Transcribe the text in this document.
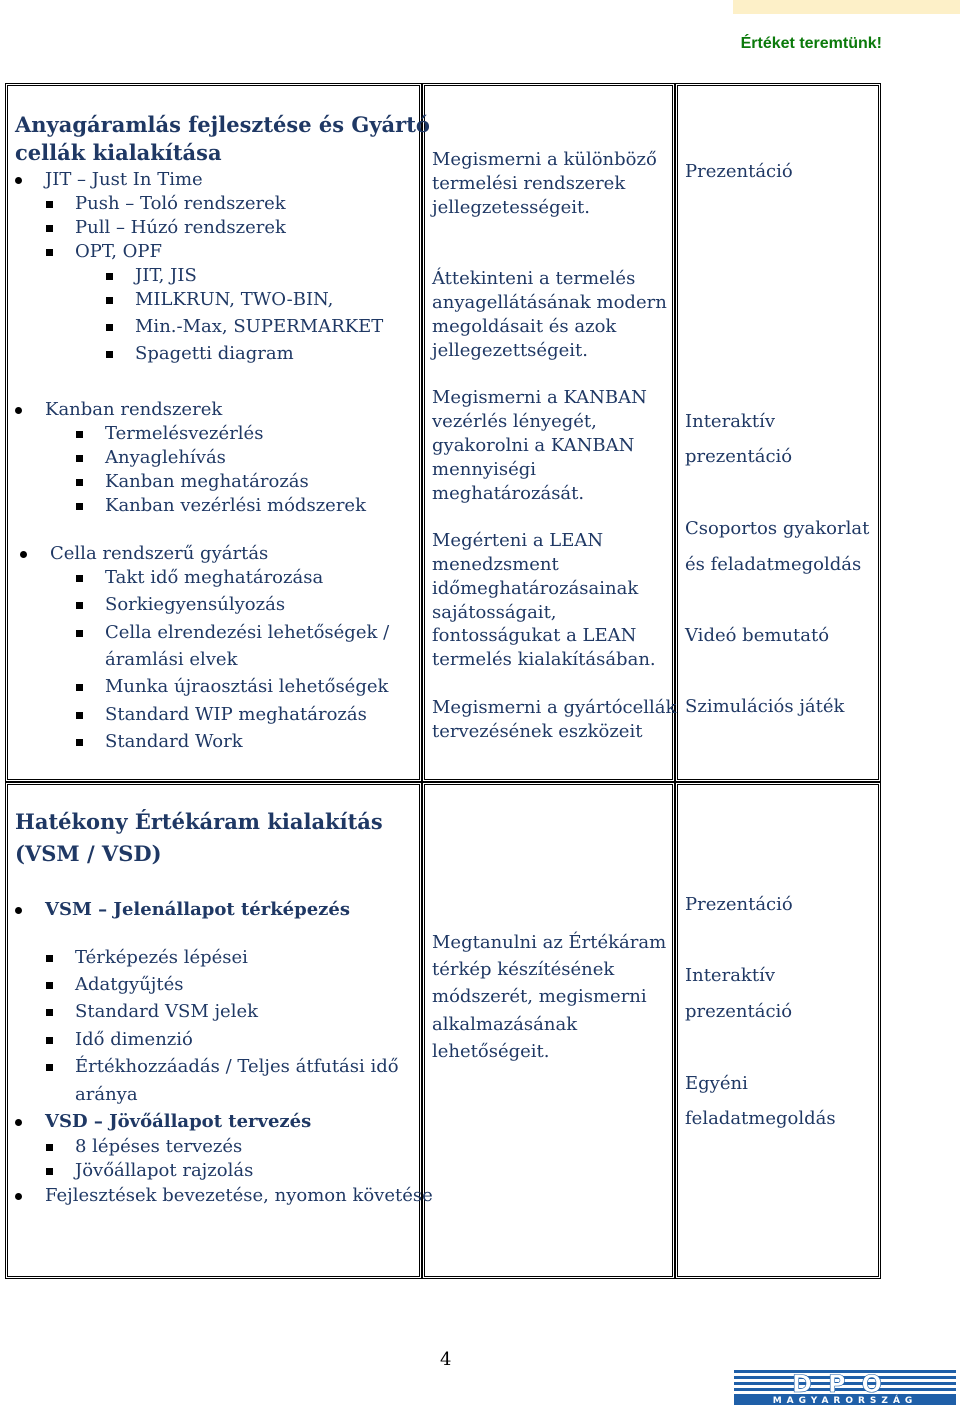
Értéket teremtünk!
Anyagáramlás fejlesztése és Gyártó
cellák kialakítása
JIT – Just In Time
Push – Toló rendszerek
Pull – Húzó rendszerek
OPT, OPF
JIT, JIS
MILKRUN, TWO-BIN,
Min.-Max, SUPERMARKET
Spagetti diagram
Kanban rendszerek
Termelésvezérlés
Anyaglehívás
Kanban meghatározás
Kanban vezérlési módszerek
Cella rendszerű gyártás
Takt idő meghatározása
Sorkiegyensúlyozás
Cella elrendezési lehetőségek /
áramlási elvek
Munka újraosztási lehetőségek
Standard WIP meghatározás
Standard Work
Megismerni a különböző
termelési rendszerek
jellegzetességeit.
Áttekinteni a termelés
anyagellátásának modern
megoldásait és azok
jellegezettségeit.
Megismerni a KANBAN
vezérlés lényegét,
gyakorolni a KANBAN
mennyiségi
meghatározását.
Megérteni a LEAN
menedzsment
időmeghatározásainak
sajátosságait,
fontosságukat a LEAN
termelés kialakításában.
Megismerni a gyártócellák
tervezésének eszközeit
Prezentáció
Interaktív
prezentáció
Csoportos gyakorlat
és feladatmegoldás
Videó bemutató
Szimulációs játék
Hatékony Értékáram kialakítás
(VSM / VSD)
VSM – Jelenállapot térképezés
Térképezés lépései
Adatgyűjtés
Standard VSM jelek
Idő dimenzió
Értékhozzáadás / Teljes átfutási idő
aránya
VSD – Jövőállapot tervezés
8 lépéses tervezés
Jövőállapot rajzolás
Fejlesztések bevezetése, nyomon követése
Megtanulni az Értékáram
térkép készítésének
módszerét, megismerni
alkalmazásának
lehetőségeit.
Prezentáció
Interaktív
prezentáció
Egyéni
feladatmegoldás
4
DPO
MAGYARORSZÁG
